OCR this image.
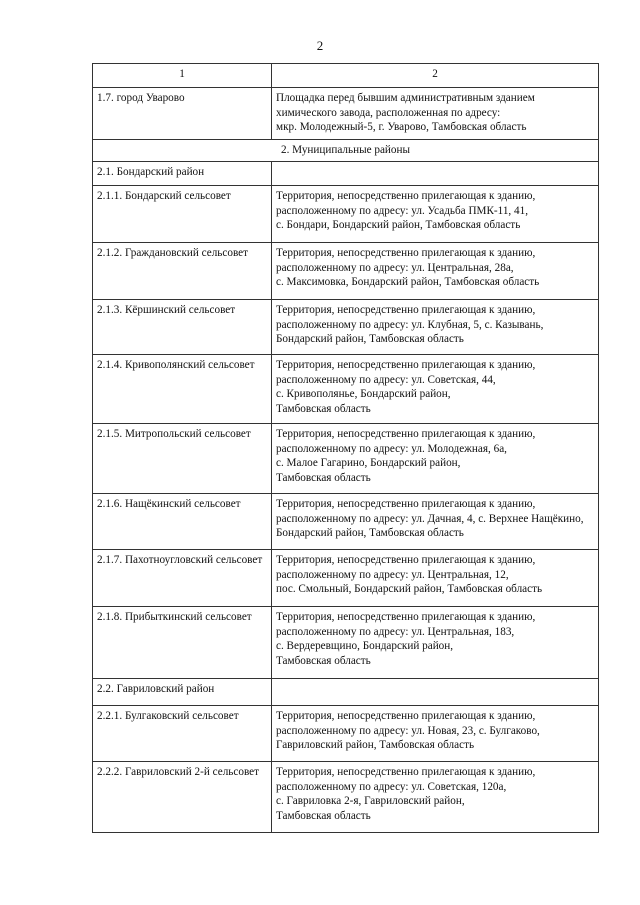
2
1	2
1.7. город Уварово	Площадка перед бывшим административным зданием химического завода, расположенная по адресу:
мкр. Молодежный-5, г. Уварово, Тамбовская область
2. Муниципальные районы	
2.1. Бондарский район	
2.1.1. Бондарский сельсовет	Территория, непосредственно прилегающая к зданию, расположенному по адресу: ул. Усадьба ПМК-11, 41,
с. Бондари, Бондарский район, Тамбовская область
2.1.2. Граждановский сельсовет	Территория, непосредственно прилегающая к зданию, расположенному по адресу: ул. Центральная, 28а,
с. Максимовка, Бондарский район, Тамбовская область
2.1.3. Кёршинский сельсовет	Территория, непосредственно прилегающая к зданию, расположенному по адресу: ул. Клубная, 5, с. Казывань, Бондарский район, Тамбовская область
2.1.4. Кривополянский сельсовет	Территория, непосредственно прилегающая к зданию, расположенному по адресу: ул. Советская, 44,
с. Кривополянье, Бондарский район,
Тамбовская область
2.1.5. Митропольский сельсовет	Территория, непосредственно прилегающая к зданию, расположенному по адресу: ул. Молодежная, 6а,
с. Малое Гагарино, Бондарский район,
Тамбовская область
2.1.6. Нащёкинский сельсовет	Территория, непосредственно прилегающая к зданию, расположенному по адресу: ул. Дачная, 4, с. Верхнее Нащёкино, Бондарский район, Тамбовская область
2.1.7. Пахотноугловский сельсовет	Территория, непосредственно прилегающая к зданию, расположенному по адресу: ул. Центральная, 12,
пос. Смольный, Бондарский район, Тамбовская область
2.1.8. Прибыткинский сельсовет	Территория, непосредственно прилегающая к зданию, расположенному по адресу: ул. Центральная, 183,
с. Вердеревщино, Бондарский район,
Тамбовская область
2.2. Гавриловский район	
2.2.1. Булгаковский сельсовет	Территория, непосредственно прилегающая к зданию, расположенному по адресу: ул. Новая, 23, с. Булгаково, Гавриловский район, Тамбовская область
2.2.2. Гавриловский 2-й сельсовет	Территория, непосредственно прилегающая к зданию, расположенному по адресу: ул. Советская, 120а,
с. Гавриловка 2-я, Гавриловский район,
Тамбовская область
